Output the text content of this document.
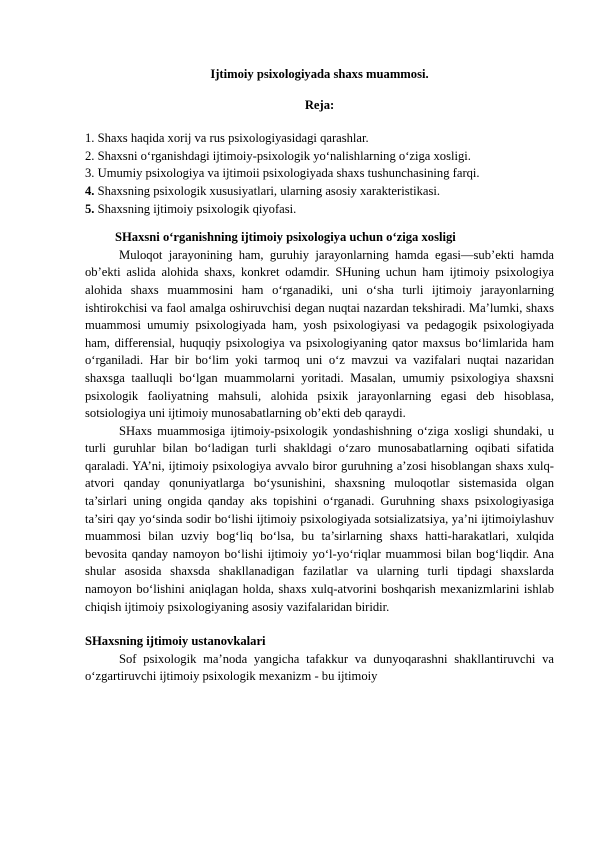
Ijtimoiy psixologiyada shaxs muammosi.

Reja:

1. Shaxs haqida xorij va rus psixologiyasidagi qarashlar.
2. Shaxsni o‘rganishdagi ijtimoiy-psixologik yo‘nalishlarning o‘ziga xosligi.
3. Umumiy psixologiya va ijtimoii psixologiyada shaxs tushunchasining farqi.
4. Shaxsning psixologik xususiyatlari, ularning asosiy xarakteristikasi.
5. Shaxsning ijtimoiy psixologik qiyofasi.

SHaxsni o‘rganishning ijtimoiy psixologiya uchun o‘ziga xosligi

Muloqot jarayonining ham, guruhiy jarayonlarning hamda egasi—sub’ekti hamda ob’ekti aslida alohida shaxs, konkret odamdir. SHuning uchun ham ijtimoiy psixologiya alohida shaxs muammosini ham o‘rganadiki, uni o‘sha turli ijtimoiy jarayonlarning ishtirokchisi va faol amalga oshiruvchisi degan nuqtai nazardan tekshiradi. Ma’lumki, shaxs muammosi umumiy psixologiyada ham, yosh psixologiyasi va pedagogik psixologiyada ham, differensial, huquqiy psixologiya va psixologiyaning qator maxsus bo‘limlarida ham o‘rganiladi. Har bir bo‘lim yoki tarmoq uni o‘z mavzui va vazifalari nuqtai nazaridan shaxsga taalluqli bo‘lgan muammolarni yoritadi. Masalan, umumiy psixologiya shaxsni psixologik faoliyatning mahsuli, alohida psixik jarayonlarning egasi deb hisoblasa, sotsiologiya uni ijtimoiy munosabatlarning ob’ekti deb qaraydi.

SHaxs muammosiga ijtimoiy-psixologik yondashishning o‘ziga xosligi shundaki, u turli guruhlar bilan bo‘ladigan turli shakldagi o‘zaro munosabatlarning oqibati sifatida qaraladi. YA’ni, ijtimoiy psixologiya avvalo biror guruhning a’zosi hisoblangan shaxs xulq-atvori qanday qonuniyatlarga bo‘ysunishini, shaxsning muloqotlar sistemasida olgan ta’sirlari uning ongida qanday aks topishini o‘rganadi. Guruhning shaxs psixologiyasiga ta’siri qay yo‘sinda sodir bo‘lishi ijtimoiy psixologiyada sotsializatsiya, ya’ni ijtimoiylashuv muammosi bilan uzviy bog‘liq bo‘lsa, bu ta’sirlarning shaxs hatti-harakatlari, xulqida bevosita qanday namoyon bo‘lishi ijtimoiy yo‘l-yo‘riqlar muammosi bilan bog‘liqdir. Ana shular asosida shaxsda shakllanadigan fazilatlar va ularning turli tipdagi shaxslarda namoyon bo‘lishini aniqlagan holda, shaxs xulq-atvorini boshqarish mexanizmlarini ishlab chiqish ijtimoiy psixologiyaning asosiy vazifalaridan biridir.

SHaxsning ijtimoiy ustanovkalari

Sof psixologik ma’noda yangicha tafakkur va dunyoqarashni shakllantiruvchi va o‘zgartiruvchi ijtimoiy psixologik mexanizm - bu ijtimoiy
